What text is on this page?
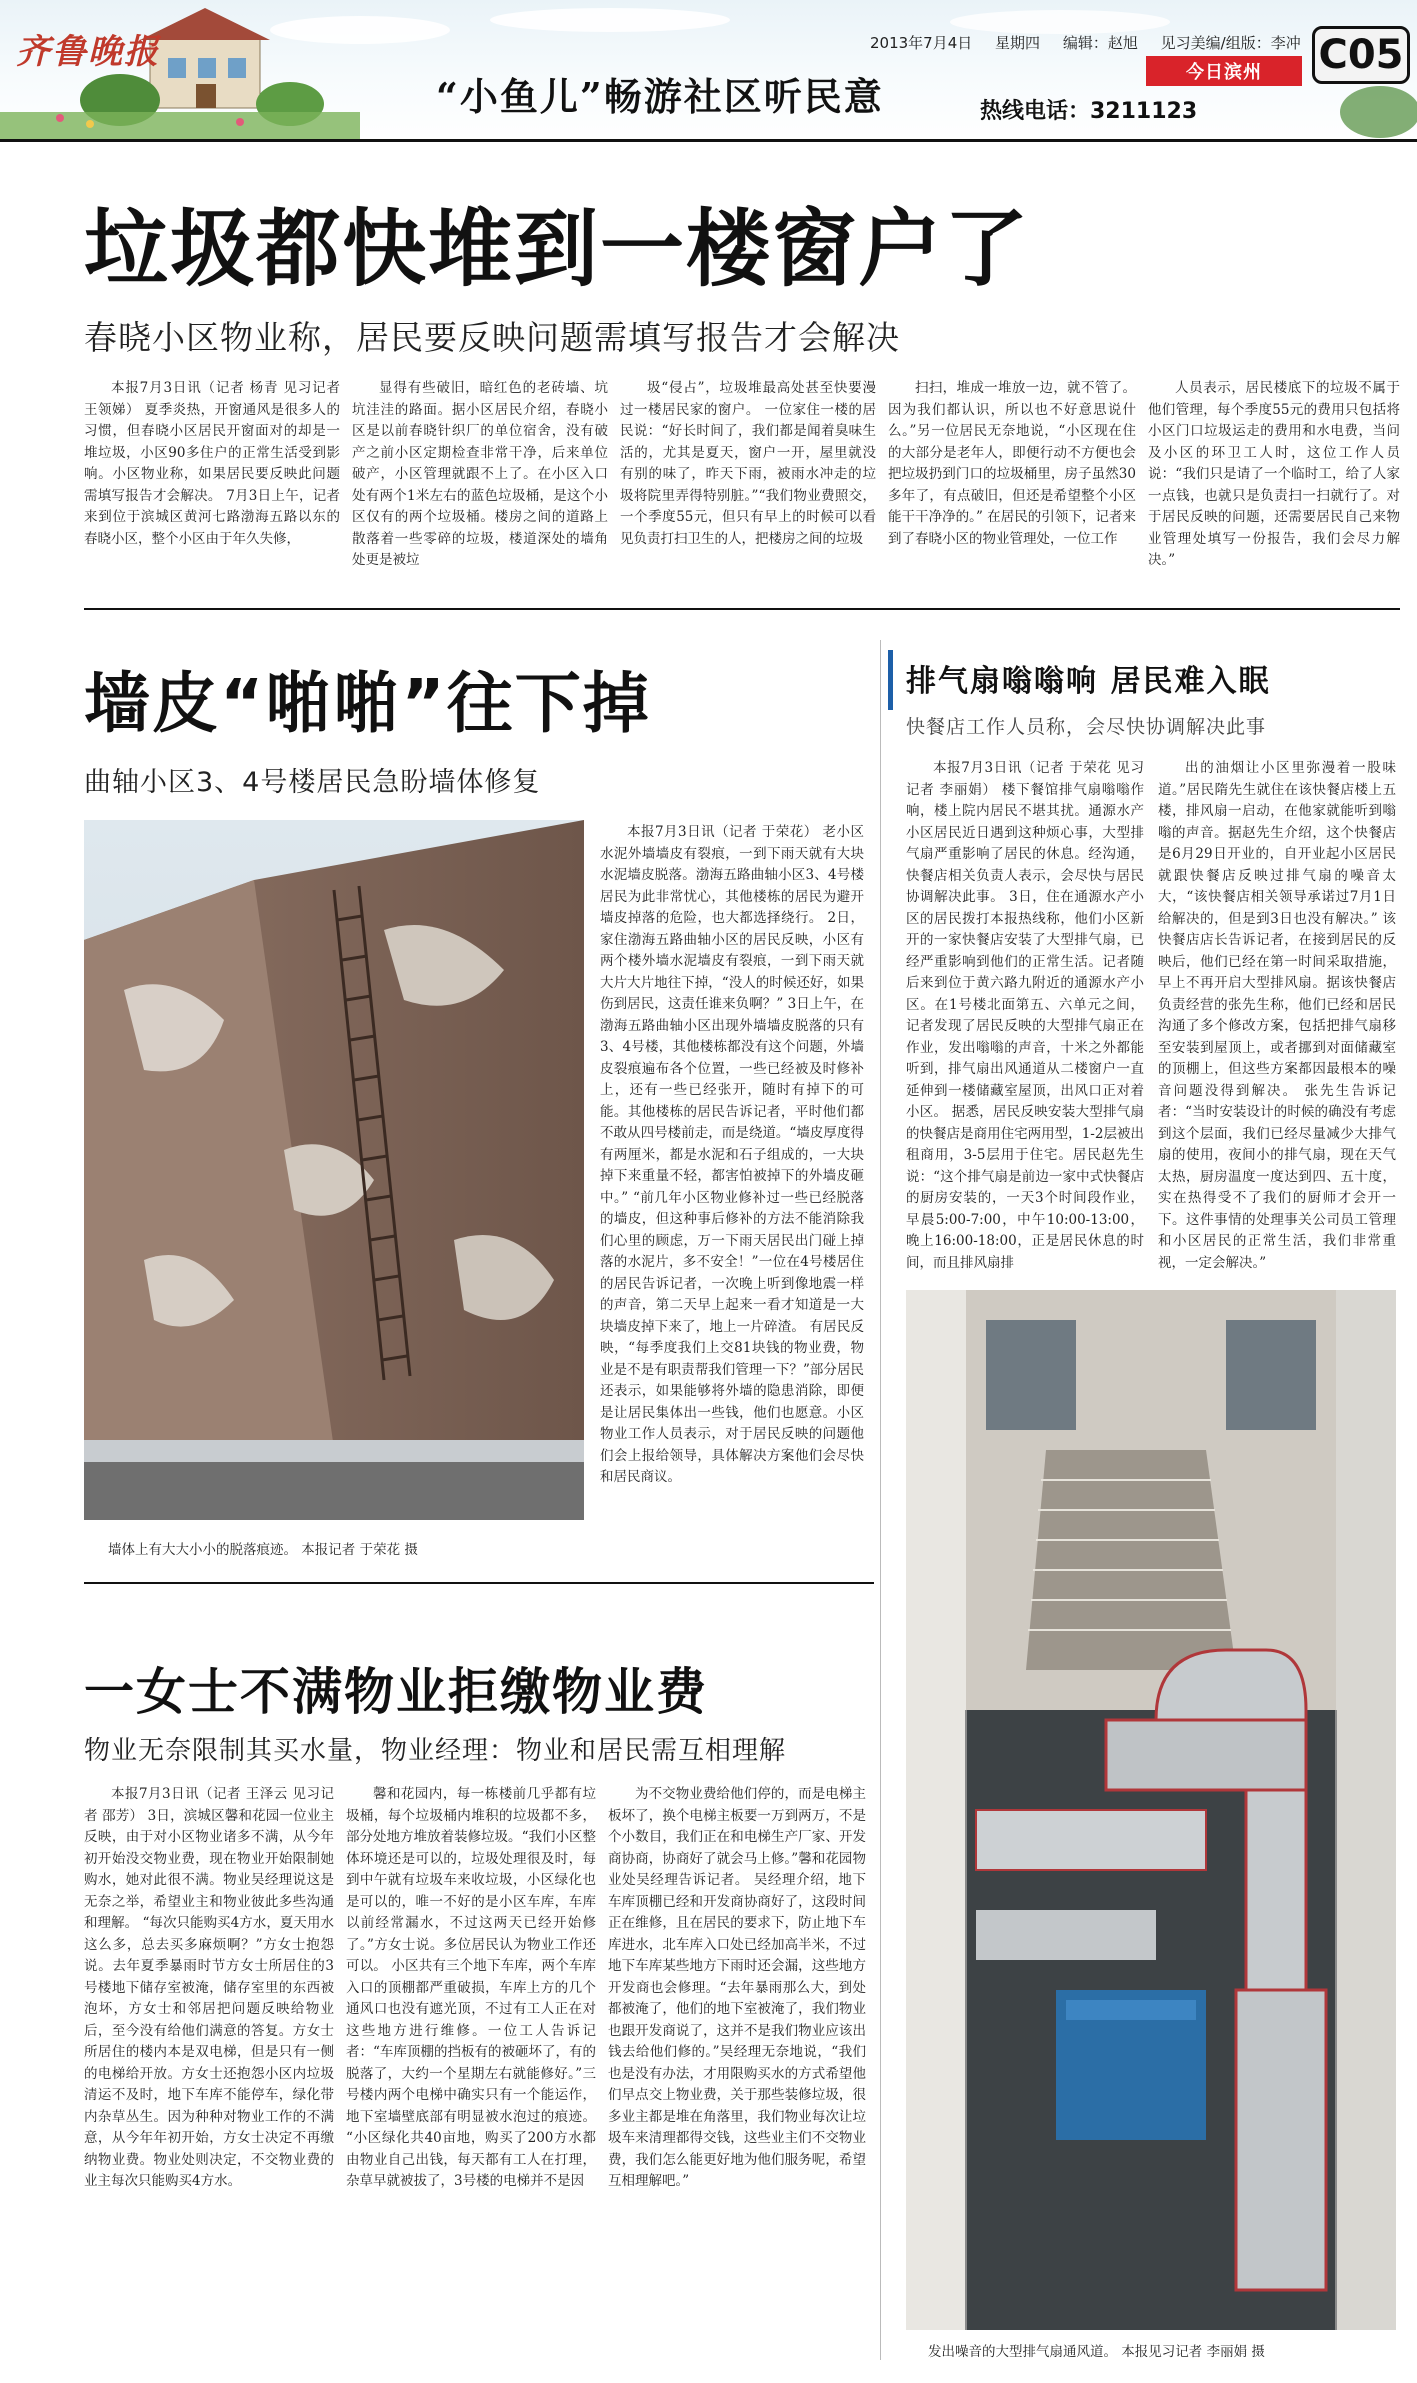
齐鲁晚报	2013年7月4日 星期四 编辑：赵旭 见习美编/组版：李冲 C05
今日滨州
“小鱼儿”畅游社区听民意	热线电话：3211123
垃圾都快堆到一楼窗户了
春晓小区物业称，居民要反映问题需填写报告才会解决

本报7月3日讯（记者 杨青 见习记者 王领娣） 夏季炎热，开窗通风是很多人的习惯，但春晓小区居民开窗面对的却是一堆垃圾，小区90多住户的正常生活受到影响。小区物业称，如果居民要反映此问题需填写报告才会解决。 7月3日上午，记者来到位于滨城区黄河七路渤海五路以东的春晓小区，整个小区由于年久失修，

显得有些破旧，暗红色的老砖墙、坑坑洼洼的路面。据小区居民介绍，春晓小区是以前春晓针织厂的单位宿舍，没有破产之前小区定期检查非常干净，后来单位破产，小区管理就跟不上了。在小区入口处有两个1米左右的蓝色垃圾桶，是这个小区仅有的两个垃圾桶。楼房之间的道路上散落着一些零碎的垃圾，楼道深处的墙角处更是被垃

圾“侵占”，垃圾堆最高处甚至快要漫过一楼居民家的窗户。 一位家住一楼的居民说：“好长时间了，我们都是闻着臭味生活的，尤其是夏天，窗户一开，屋里就没有别的味了，昨天下雨，被雨水冲走的垃圾将院里弄得特别脏。”“我们物业费照交，一个季度55元，但只有早上的时候可以看见负责打扫卫生的人，把楼房之间的垃圾

扫扫，堆成一堆放一边，就不管了。因为我们都认识，所以也不好意思说什么。”另一位居民无奈地说，“小区现在住的大部分是老年人，即便行动不方便也会把垃圾扔到门口的垃圾桶里，房子虽然30多年了，有点破旧，但还是希望整个小区能干干净净的。” 在居民的引领下，记者来到了春晓小区的物业管理处，一位工作

人员表示，居民楼底下的垃圾不属于他们管理，每个季度55元的费用只包括将小区门口垃圾运走的费用和水电费，当问及小区的环卫工人时，这位工作人员说：“我们只是请了一个临时工，给了人家一点钱，也就只是负责扫一扫就行了。对于居民反映的问题，还需要居民自己来物业管理处填写一份报告，我们会尽力解决。”

墙皮“啪啪”往下掉
曲轴小区3、4号楼居民急盼墙体修复
墙体上有大大小小的脱落痕迹。 本报记者 于荣花 摄

本报7月3日讯（记者 于荣花） 老小区水泥外墙墙皮有裂痕，一到下雨天就有大块水泥墙皮脱落。渤海五路曲轴小区3、4号楼居民为此非常忧心，其他楼栋的居民为避开墙皮掉落的危险，也大都选择绕行。 2日，家住渤海五路曲轴小区的居民反映，小区有两个楼外墙水泥墙皮有裂痕，一到下雨天就大片大片地往下掉，“没人的时候还好，如果伤到居民，这责任谁来负啊？” 3日上午，在渤海五路曲轴小区出现外墙墙皮脱落的只有3、4号楼，其他楼栋都没有这个问题，外墙皮裂痕遍布各个位置，一些已经被及时修补上，还有一些已经张开，随时有掉下的可能。其他楼栋的居民告诉记者，平时他们都不敢从四号楼前走，而是绕道。“墙皮厚度得有两厘米，都是水泥和石子组成的，一大块掉下来重量不轻，都害怕被掉下的外墙皮砸中。” “前几年小区物业修补过一些已经脱落的墙皮，但这种事后修补的方法不能消除我们心里的顾虑，万一下雨天居民出门碰上掉落的水泥片，多不安全！”一位在4号楼居住的居民告诉记者，一次晚上听到像地震一样的声音，第二天早上起来一看才知道是一大块墙皮掉下来了，地上一片碎渣。 有居民反映，“每季度我们上交81块钱的物业费，物业是不是有职责帮我们管理一下？”部分居民还表示，如果能够将外墙的隐患消除，即便是让居民集体出一些钱，他们也愿意。小区物业工作人员表示，对于居民反映的问题他们会上报给领导，具体解决方案他们会尽快和居民商议。

排气扇嗡嗡响 居民难入眠
快餐店工作人员称，会尽快协调解决此事

本报7月3日讯（记者 于荣花 见习记者 李丽娟） 楼下餐馆排气扇嗡嗡作响，楼上院内居民不堪其扰。通源水产小区居民近日遇到这种烦心事，大型排气扇严重影响了居民的休息。经沟通，快餐店相关负责人表示，会尽快与居民协调解决此事。 3日，住在通源水产小区的居民拨打本报热线称，他们小区新开的一家快餐店安装了大型排气扇，已经严重影响到他们的正常生活。记者随后来到位于黄六路九附近的通源水产小区。在1号楼北面第五、六单元之间，记者发现了居民反映的大型排气扇正在作业，发出嗡嗡的声音，十米之外都能听到，排气扇出风通道从二楼窗户一直延伸到一楼储藏室屋顶，出风口正对着小区。 据悉，居民反映安装大型排气扇的快餐店是商用住宅两用型，1-2层被出租商用，3-5层用于住宅。居民赵先生说：“这个排气扇是前边一家中式快餐店的厨房安装的，一天3个时间段作业，早晨5:00-7:00，中午10:00-13:00，晚上16:00-18:00，正是居民休息的时间，而且排风扇排

出的油烟让小区里弥漫着一股味道。”居民隋先生就住在该快餐店楼上五楼，排风扇一启动，在他家就能听到嗡嗡的声音。据赵先生介绍，这个快餐店是6月29日开业的，自开业起小区居民就跟快餐店反映过排气扇的噪音太大，“该快餐店相关领导承诺过7月1日给解决的，但是到3日也没有解决。” 该快餐店店长告诉记者，在接到居民的反映后，他们已经在第一时间采取措施，早上不再开启大型排风扇。据该快餐店负责经营的张先生称，他们已经和居民沟通了多个修改方案，包括把排气扇移至安装到屋顶上，或者挪到对面储藏室的顶棚上，但这些方案都因最根本的噪音问题没得到解决。 张先生告诉记者：“当时安装设计的时候的确没有考虑到这个层面，我们已经尽量减少大排气扇的使用，夜间小的排气扇，现在天气太热，厨房温度一度达到四、五十度，实在热得受不了我们的厨师才会开一下。这件事情的处理事关公司员工管理和小区居民的正常生活，我们非常重视，一定会解决。”

发出噪音的大型排气扇通风道。 本报见习记者 李丽娟 摄
一女士不满物业拒缴物业费
物业无奈限制其买水量，物业经理：物业和居民需互相理解

本报7月3日讯（记者 王泽云 见习记者 邵芳） 3日，滨城区馨和花园一位业主反映，由于对小区物业诸多不满，从今年初开始没交物业费，现在物业开始限制她购水，她对此很不满。物业吴经理说这是无奈之举，希望业主和物业彼此多些沟通和理解。 “每次只能购买4方水，夏天用水这么多，总去买多麻烦啊？”方女士抱怨说。去年夏季暴雨时节方女士所居住的3号楼地下储存室被淹，储存室里的东西被泡坏，方女士和邻居把问题反映给物业后，至今没有给他们满意的答复。方女士所居住的楼内本是双电梯，但是只有一侧的电梯给开放。方女士还抱怨小区内垃圾清运不及时，地下车库不能停车，绿化带内杂草丛生。因为种种对物业工作的不满意，从今年年初开始，方女士决定不再缴纳物业费。物业处则决定，不交物业费的业主每次只能购买4方水。

馨和花园内，每一栋楼前几乎都有垃圾桶，每个垃圾桶内堆积的垃圾都不多，部分处地方堆放着装修垃圾。“我们小区整体环境还是可以的，垃圾处理很及时，每到中午就有垃圾车来收垃圾，小区绿化也是可以的，唯一不好的是小区车库，车库以前经常漏水，不过这两天已经开始修了。”方女士说。多位居民认为物业工作还可以。 小区共有三个地下车库，两个车库入口的顶棚都严重破损，车库上方的几个通风口也没有遮光顶，不过有工人正在对这些地方进行维修。一位工人告诉记者：“车库顶棚的挡板有的被砸坏了，有的脱落了，大约一个星期左右就能修好。”三号楼内两个电梯中确实只有一个能运作，地下室墙壁底部有明显被水泡过的痕迹。 “小区绿化共40亩地，购买了200方水都由物业自己出钱，每天都有工人在打理，杂草早就被拔了，3号楼的电梯并不是因

为不交物业费给他们停的，而是电梯主板坏了，换个电梯主板要一万到两万，不是个小数目，我们正在和电梯生产厂家、开发商协商，协商好了就会马上修。”馨和花园物业处吴经理告诉记者。 吴经理介绍，地下车库顶棚已经和开发商协商好了，这段时间正在维修，且在居民的要求下，防止地下车库进水，北车库入口处已经加高半米，不过地下车库某些地方下雨时还会漏，这些地方开发商也会修理。“去年暴雨那么大，到处都被淹了，他们的地下室被淹了，我们物业也跟开发商说了，这并不是我们物业应该出钱去给他们修的。”吴经理无奈地说，“我们也是没有办法，才用限购买水的方式希望他们早点交上物业费，关于那些装修垃圾，很多业主都是堆在角落里，我们物业每次让垃圾车来清理都得交钱，这些业主们不交物业费，我们怎么能更好地为他们服务呢，希望互相理解吧。”
